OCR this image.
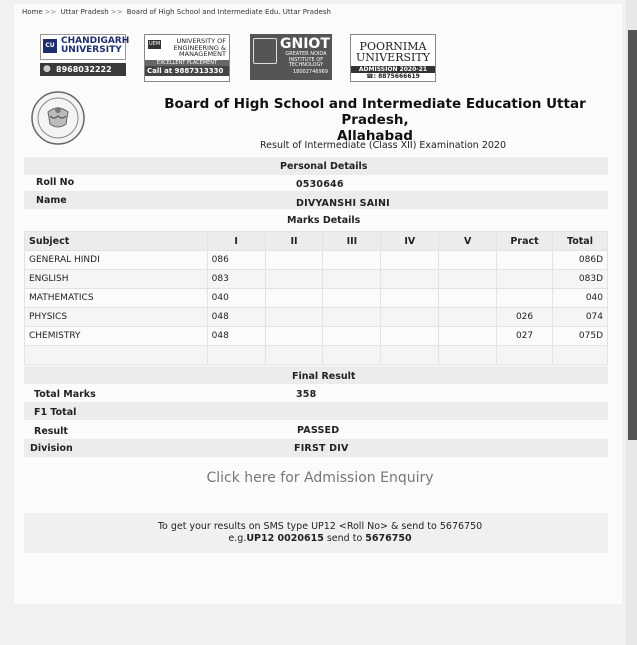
Home >> Uttar Pradesh >> Board of High School and Intermediate Edu. Uttar Pradesh
CU CHANDIGARH
UNIVERSITY
● 8968032222
UEM UNIVERSITY OF
ENGINEERING &
MANAGEMENT
EXCELLENT PLACEMENT
Call at 9887313330
GNIOT
GREATER NOIDA
INSTITUTE OF
TECHNOLOGY
18002746969
POORNIMA
UNIVERSITY
ADMISSION 2020-21
☎: 8875666619
Board of High School and Intermediate Education Uttar Pradesh,
Allahabad
Result of Intermediate (Class XII) Examination 2020
Personal Details
Roll No	0530646
Name	DIVYANSHI SAINI
Marks Details
Subject	I	II	III	IV	V	Pract	Total
GENERAL HINDI	086						086D
ENGLISH	083						083D
MATHEMATICS	040						040
PHYSICS	048					026	074
CHEMISTRY	048					027	075D

Final Result
Total Marks	358
F1 Total
Result	PASSED
Division	FIRST DIV
Click here for Admission Enquiry
To get your results on SMS type UP12 <Roll No> & send to 5676750
e.g.UP12 0020615 send to 5676750
